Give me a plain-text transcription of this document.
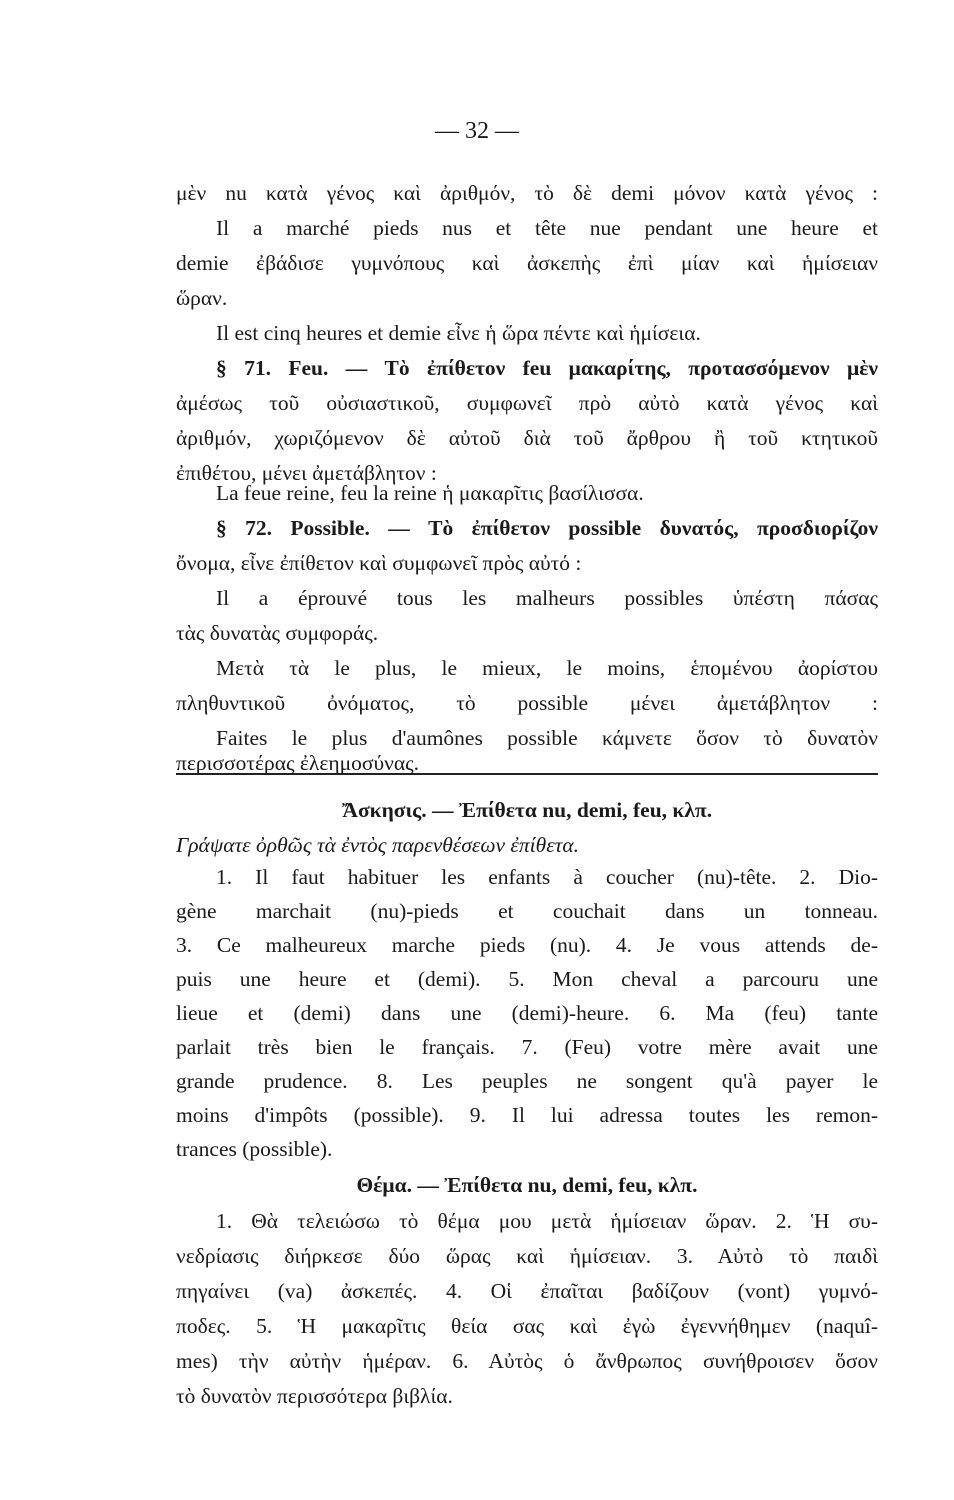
— 32 —
μὲν nu κατὰ γένος καὶ ἀριθμόν, τὸ δὲ demi μόνον κατὰ γένος :
Il a marché pieds nus et tête nue pendant une heure et
demie ἐβάδισε γυμνόπους καὶ ἀσκεπὴς ἐπὶ μίαν καὶ ἡμίσειαν
ὥραν.
Il est cinq heures et demie εἶνε ἡ ὥρα πέντε καὶ ἡμίσεια.
§ 71. Feu. — Τὸ ἐπίθετον feu μακαρίτης, προτασσόμενον μὲν
ἀμέσως τοῦ οὐσιαστικοῦ, συμφωνεῖ πρὸ αὐτὸ κατὰ γένος καὶ
ἀριθμόν, χωριζόμενον δὲ αὐτοῦ διὰ τοῦ ἄρθρου ἢ τοῦ κτητικοῦ
ἐπιθέτου, μένει ἀμετάβλητον :
La feue reine, feu la reine ἡ μακαρῖτις βασίλισσα.
§ 72. Possible. — Τὸ ἐπίθετον possible δυνατός, προσδιορίζον
ὄνομα, εἶνε ἐπίθετον καὶ συμφωνεῖ πρὸς αὐτό :
Il a éprouvé tous les malheurs possibles ὑπέστη πάσας
τὰς δυνατὰς συμφοράς.
Μετὰ τὰ le plus, le mieux, le moins, ἑπομένου ἀορίστου
πληθυντικοῦ ὀνόματος, τὸ possible μένει ἀμετάβλητον :
Faites le plus d'aumônes possible κάμνετε ὅσον τὸ δυνατὸν
περισσοτέρας ἐλεημοσύνας.
Ἄσκησις. — Ἐπίθετα nu, demi, feu, κλπ.
Γράψατε ὀρθῶς τὰ ἐντὸς παρενθέσεων ἐπίθετα.
1. Il faut habituer les enfants à coucher (nu)-tête. 2. Dio-
gène marchait (nu)-pieds et couchait dans un tonneau.
3. Ce malheureux marche pieds (nu). 4. Je vous attends de-
puis une heure et (demi). 5. Mon cheval a parcouru une
lieue et (demi) dans une (demi)-heure. 6. Ma (feu) tante
parlait très bien le français. 7. (Feu) votre mère avait une
grande prudence. 8. Les peuples ne songent qu'à payer le
moins d'impôts (possible). 9. Il lui adressa toutes les remon-
trances (possible).
Θέμα. — Ἐπίθετα nu, demi, feu, κλπ.
1. Θὰ τελειώσω τὸ θέμα μου μετὰ ἡμίσειαν ὥραν. 2. Ἡ συ-
νεδρίασις διήρκεσε δύο ὥρας καὶ ἡμίσειαν. 3. Αὐτὸ τὸ παιδὶ
πηγαίνει (va) ἀσκεπές. 4. Οἱ ἐπαῖται βαδίζουν (vont) γυμνό-
ποδες. 5. Ἡ μακαρῖτις θεία σας καὶ ἐγὼ ἐγεννήθημεν (naquî-
mes) τὴν αὐτὴν ἡμέραν. 6. Αὐτὸς ὁ ἄνθρωπος συνήθροισεν ὅσον
τὸ δυνατὸν περισσότερα βιβλία.
